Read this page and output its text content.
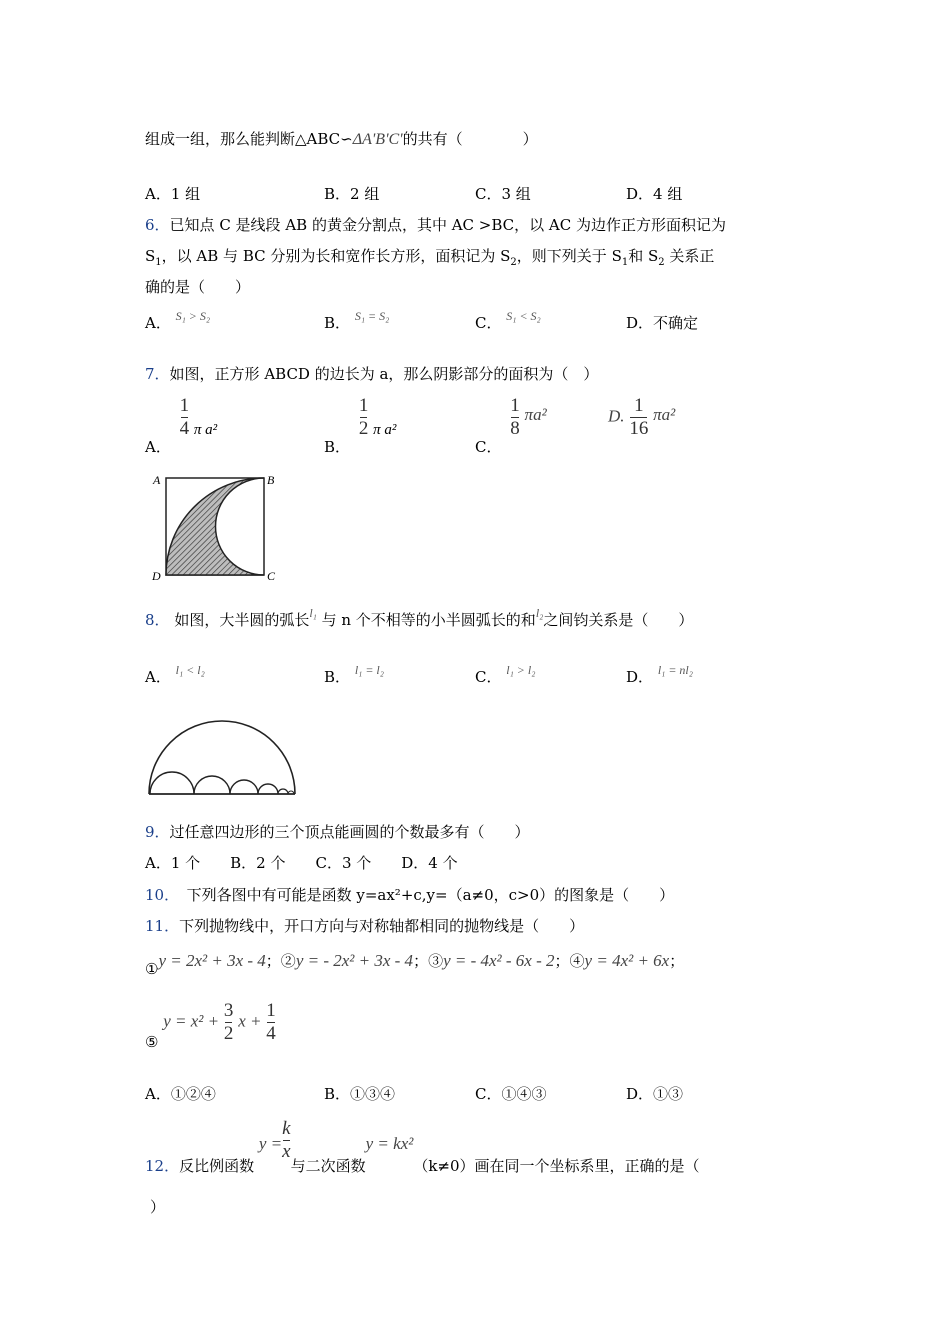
组成一组，那么能判断△ABC∽ΔA'B'C'的共有（　　　　）
A．1 组	B．2 组	C．3 组	D．4 组
6．已知点 C 是线段 AB 的黄金分割点，其中 AC >BC，以 AC 为边作正方形面积记为
$S_1$，以 AB 与 BC 分别为长和宽作长方形，面积记为 $S_2$，则下列关于 $S_1$和 $S_2$ 关系正
确的是（　　）
A． $^{S_1 > S_2}$	B． $^{S_1 = S_2}$	C． $^{S_1 < S_2}$	D．不确定
7．如图，正方形 ABCD 的边长为 a，那么阴影部分的面积为（　）
A．
$\frac{1}{4}$ π a²
B．
$\frac{1}{2}$ π a²
C．
$\frac{1}{8} \pi a^2$	D. $\frac{1}{16} \pi a^2$
A	B
D	C
8． 如图，大半圆的弧长$^{l_1}$ 与 n 个不相等的小半圆弧长的和$^{l_2}$之间钧关系是（　　）
A． $^{l_1 < l_2}$	B． $^{l_1 = l_2}$	C． $^{l_1 > l_2}$	D． $^{l_1 = nl_2}$
9．过任意四边形的三个顶点能画圆的个数最多有（　　）
A．1 个　　B．2 个　　C．3 个　　D．4 个
10．　下列各图中有可能是函数 y=ax²+c,y=（a≠0，c>0）的图象是（　　）
11．下列抛物线中，开口方向与对称轴都相同的抛物线是（　　）
①y = 2x² + 3x - 4；②y = - 2x² + 3x - 4；③y = - 4x² - 6x - 2；④y = 4x² + 6x；
⑤ $y = x^2 + \frac{3}{2}$ $x + \frac{1}{4}$
A．①②④	B．①③④	C．①④③	D．①③
12．反比例函数 $y = \frac{k}{x}$
与二次函数y = kx²（k≠0）画在同一个坐标系里，正确的是（
）
